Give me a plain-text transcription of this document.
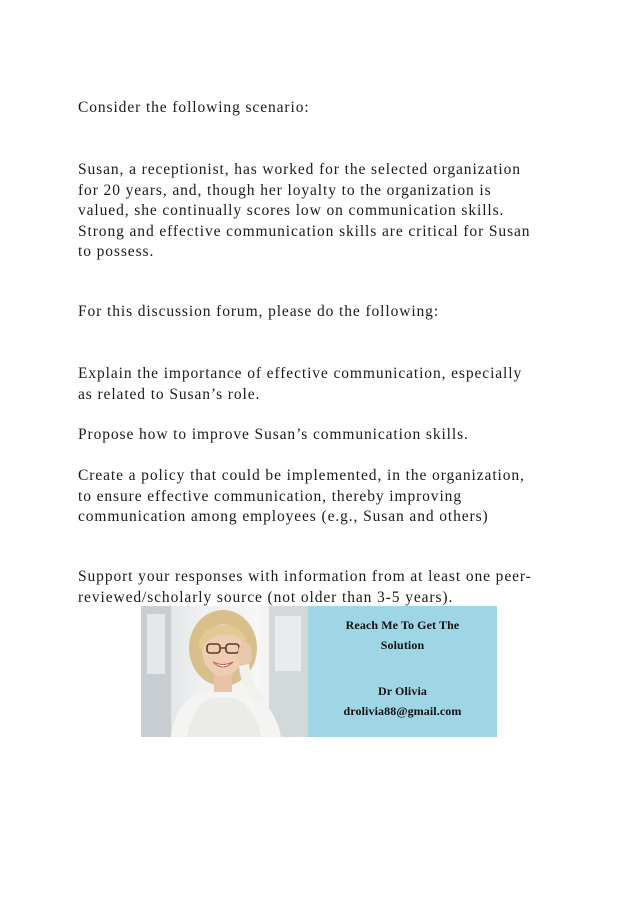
Consider the following scenario:

Susan, a receptionist, has worked for the selected organization
for 20 years, and, though her loyalty to the organization is
valued, she continually scores low on communication skills.
Strong and effective communication skills are critical for Susan
to possess.

For this discussion forum, please do the following:

Explain the importance of effective communication, especially
as related to Susan’s role.

Propose how to improve Susan’s communication skills.

Create a policy that could be implemented, in the organization,
to ensure effective communication, thereby improving
communication among employees (e.g., Susan and others)

Support your responses with information from at least one peer-
reviewed/scholarly source (not older than 3-5 years).

Reach Me To Get The
Solution
Dr Olivia
drolivia88@gmail.com
